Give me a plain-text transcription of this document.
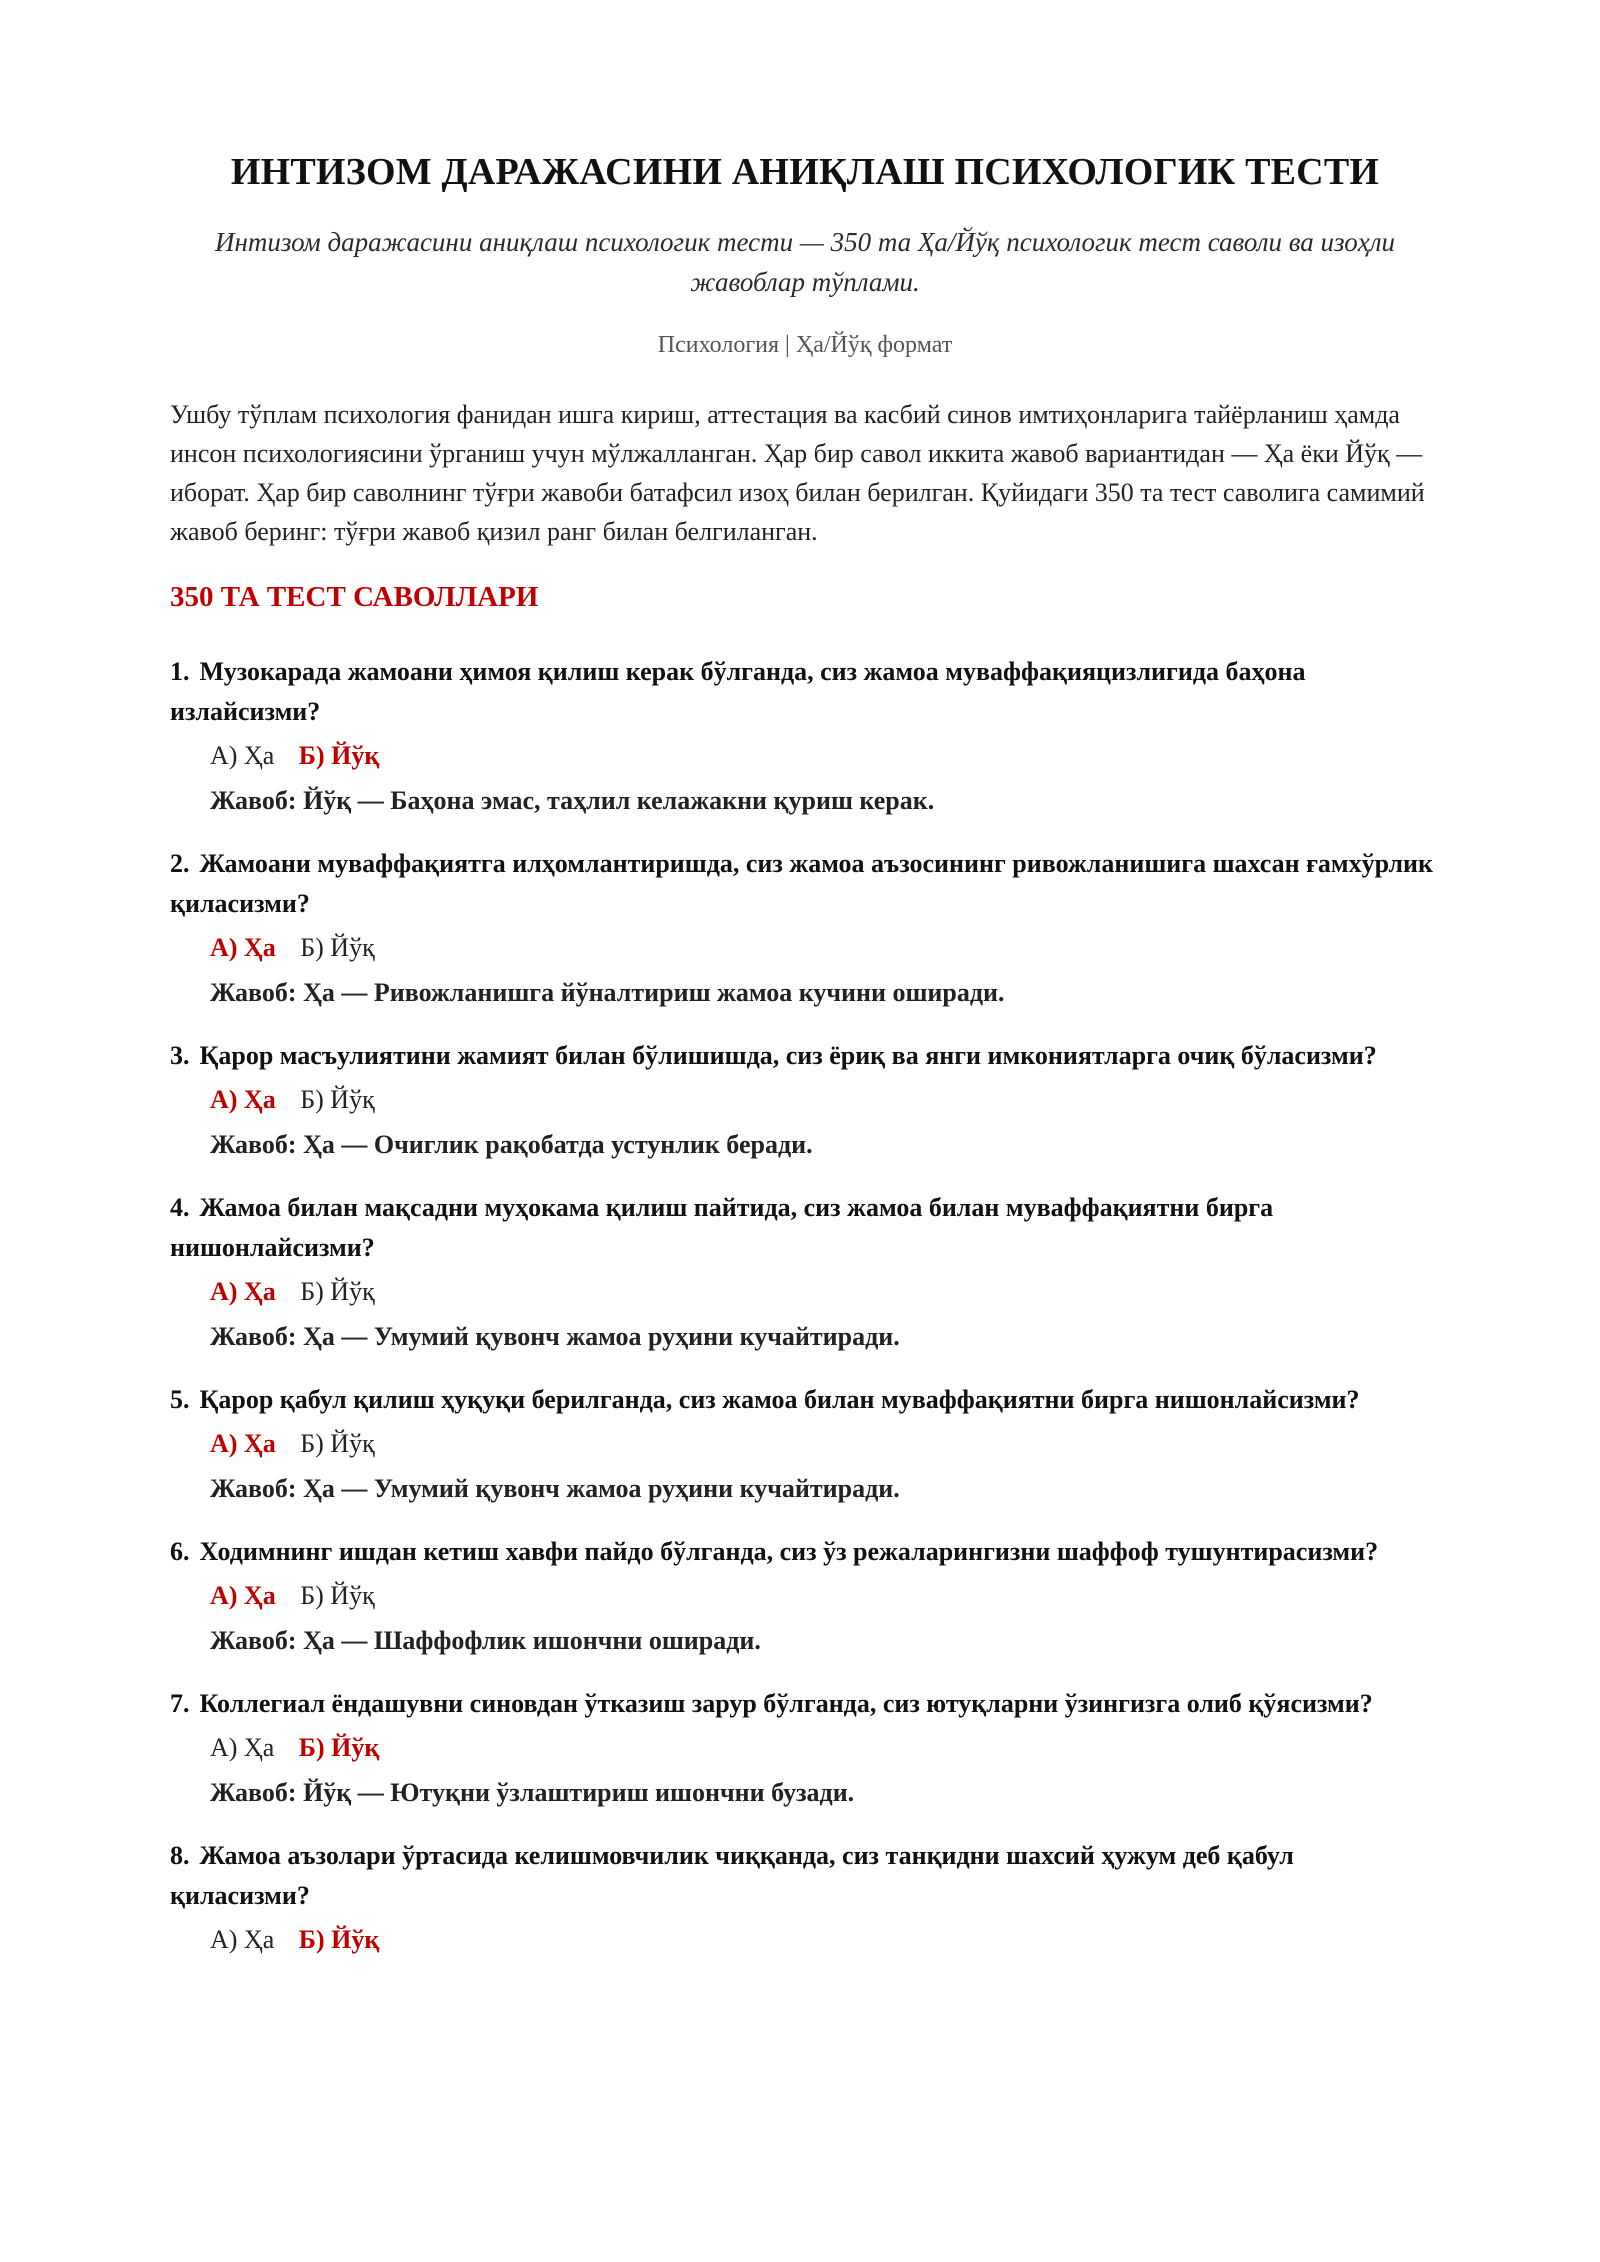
ИНТИЗОМ ДАРАЖАСИНИ АНИҚЛАШ ПСИХОЛОГИК ТЕСТИ
Интизом даражасини аниқлаш психологик тести — 350 та Ҳа/Йўқ психологик тест саволи ва изоҳли жавоблар тўплами.
Психология | Ҳа/Йўқ формат

Ушбу тўплам психология фанидан ишга кириш, аттестация ва касбий синов имтиҳонларига тайёрланиш ҳамда инсон психологиясини ўрганиш учун мўлжалланган. Ҳар бир савол иккита жавоб вариантидан — Ҳа ёки Йўқ — иборат. Ҳар бир саволнинг тўғри жавоби батафсил изоҳ билан берилган. Қуйидаги 350 та тест саволига самимий жавоб беринг: тўғри жавоб қизил ранг билан белгиланган.

350 ТА ТЕСТ САВОЛЛАРИ
1. Музокарада жамоани ҳимоя қилиш керак бўлганда, сиз жамоа муваффақияцизлигида баҳона излайсизми?
А) Ҳа Б) Йўқ
Жавоб: Йўқ — Баҳона эмас, таҳлил келажакни қуриш керак.
2. Жамоани муваффақиятга илҳомлантиришда, сиз жамоа аъзосининг ривожланишига шахсан ғамхўрлик қиласизми?
А) Ҳа Б) Йўқ
Жавоб: Ҳа — Ривожланишга йўналтириш жамоа кучини оширади.
3. Қарор масъулиятини жамият билан бўлишишда, сиз ёриқ ва янги имкониятларга очиқ бўласизми?
А) Ҳа Б) Йўқ
Жавоб: Ҳа — Очиглик рақобатда устунлик беради.
4. Жамоа билан мақсадни муҳокама қилиш пайтида, сиз жамоа билан муваффақиятни бирга нишонлайсизми?
А) Ҳа Б) Йўқ
Жавоб: Ҳа — Умумий қувонч жамоа руҳини кучайтиради.
5. Қарор қабул қилиш ҳуқуқи берилганда, сиз жамоа билан муваффақиятни бирга нишонлайсизми?
А) Ҳа Б) Йўқ
Жавоб: Ҳа — Умумий қувонч жамоа руҳини кучайтиради.
6. Ходимнинг ишдан кетиш хавфи пайдо бўлганда, сиз ўз режаларингизни шаффоф тушунтирасизми?
А) Ҳа Б) Йўқ
Жавоб: Ҳа — Шаффофлик ишончни оширади.
7. Коллегиал ёндашувни синовдан ўтказиш зарур бўлганда, сиз ютуқларни ўзингизга олиб қўясизми?
А) Ҳа Б) Йўқ
Жавоб: Йўқ — Ютуқни ўзлаштириш ишончни бузади.
8. Жамоа аъзолари ўртасида келишмовчилик чиққанда, сиз танқидни шахсий ҳужум деб қабул қиласизми?
А) Ҳа Б) Йўқ
